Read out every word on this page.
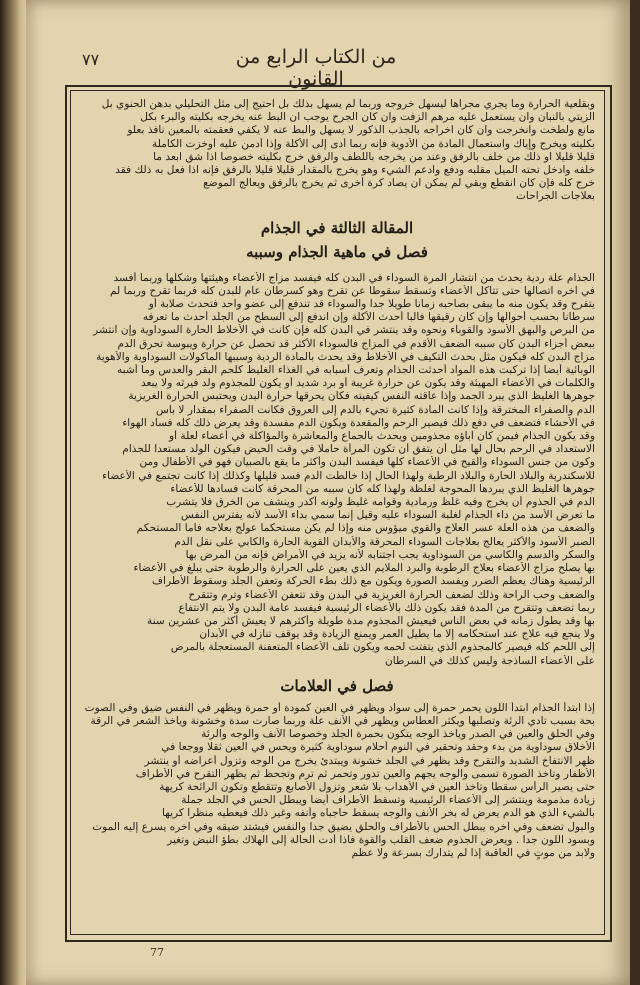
٧٧	من الكتاب الرابع من القانون
وبقلعية الحرارة وما يجري مجراها ليسهل خروجه وربما لم يسهل بذلك بل احتيج إلى مثل التحليلي بدهن الحنوي بل
الزيتي بالنبان وان يستعمل عليه مرهم الزفت وان كان الجرح يوجب ان البط عنه يخرجه بكليته والبرء بكل
مانع ولطخت وانخرجت وان كان اخراجه بالجذب الذكور لا يسهل والبط عنه لا يكفي فعقمته بالمعين نافذ بعلو
بكليته ويخرج وإياك واستعمال المادة من الأدوية فإنه ربما أدى إلى الأكلة وإذا أدمن عليه أوخزت الكاملة
قليلا قليلا او ذلك من خلف بالرفق وعند من يخرجه باللطف والرفق خرج بكليته خصوصا اذا شق ابعد ما
خلفه وادخل تحته الميل مقلبه ودفع وادعم الشيء وهو يخرج بالمقدار قليلا قليلا بالرفق فإنه اذا فعل به ذلك فقد
خرج كله فإن كان انقطع وبقي لم يمكن ان يصاد كرة أخرى ثم يخرج بالرفق ويعالج الموضع
بعلاجات الجراحات
المقالة الثالثة في الجذام
فصل في ماهية الجذام وسببه
الجذام علة ردية يحدث من انتشار المرة السوداء في البدن كله فيفسد مزاج الأعضاء وهيئتها وشكلها وربما أفسد
في آخره اتصالها حتى تتآكل الأعضاء وتسقط سقوطا عن تقرح وهو كسرطان عام للبدن كله فربما تقرح وربما لم
يتقرح وقد يكون منه ما يبقى بصاحبه زمانا طويلا جدا والسوداء قد تندفع إلى عضو واحد فتحدث صلابة أو
سرطانا بحسب أحوالها وإن كان رقيقها فالبا أحدث الأكلة وإن اندفع إلى السطح من الجلد أحدث ما تعرفه
من البرص والبهق الأسود والقوباء ونحوه وقد ينتشر في البدن كله فإن كانت في الأخلاط الحارة السوداوية وإن انتشر
ببعض أجزاء البدن كان سببه الضعف الأقدم في المزاج فالسوداء الأكثر قد تحصل عن حرارة ويبوسة تحرق الدم
مزاج البدن كله فيكون مثل بحدث التكيف في الأخلاط وقد يحدث بالمادة الردية وسببها المأكولات السوداوية والأهوية
الوبائية أيضا إذا تركبت هذه المواد أحدثت الجذام وتعرف أسبابه في الغذاء الغليظ كلحم البقر والعدس وما أشبه
والكلمات في الأعضاء المهيئة وقد يكون عن حرارة غريبة أو برد شديد أو يكون للمجذوم ولد فيرثه ولا يبعد
جوهرها الغليظ الذي يبرد الجمد وإذا عاقته النفس كيفيته فكان يحرقها حرارة البدن ويحتبس الحرارة الغريزية
الدم والصفراء المخترقة وإذا كانت المادة كثيرة تجيء بالدم إلى العروق فكانت الصفراء بمقدار لا بأس
في الأحشاء فتضعف في دفع ذلك فيصير الرحم والمقعدة ويكون الدم مفسدة وقد يعرض ذلك كله فساد الهواء
وقد يكون الجذام فيمن كان آباؤه مجذومين ويحدث بالجماع والمعاشرة والمؤاكلة في أعضاء لعلة أو
الاستعداد في الرحم بحال لها مثل أن يتفق أن تكون المرأة حاملا في وقت الحيض فيكون الولد مستعدا للجذام
وكون من جنس السوداء والقيح في الأعضاء كلها فيفسد البدن وأكثر ما يقع بالصبيان فهو في الأطفال ومن
للاسكندرية والبلاد الحارة والبلاد الرطبة ولهذا الحال إذا خالطت الدم فسد قليلها وكذلك إذا كانت تجتمع في الأعضاء
جوهرها الغليظ الذي يبردها المحوجة لغلظة ولهذا كله كان سببه من المحرقة كانت فسادها للأعضاء
الدم في الجذوم أن يخرج وفيه غلظ ورمادية وقوامه غليظ ولونه أكدر وينشف من الخرق فلا يتشرب
ما تعرض الأسد من داء الجذام لغلبة السوداء عليه وقيل إنما سمي بداء الأسد لأنه يفترس النفس
والضعف من هذه العلة عسر العلاج والقوي ميؤوس منه وإذا لم يكن مستحكما عولج بعلاجه فأما المستحكم
الصبر الأسود والأكثر يعالج بعلاجات السوداء المحرقة والأبدان القوية الحارة والكابي على نقل الدم
والسكر والدسم والكاسي من السوداوية يجب اجتنابه لأنه يزيد في الأمراض فإنه من المرض بها
بها يصلح مزاج الأعضاء بعلاج الرطوبة والبرد الملايم الذي يعين على الحرارة والرطوبة حتى يبلغ في الأعضاء
الرئيسية وهناك يعظم الضرر ويفسد الصورة ويكون مع ذلك بطء الحركة وتعفن الجلد وسقوط الأطراف
والضعف وحب الراحة وذلك لضعف الحرارة الغريزية في البدن وقد تتعفن الأعضاء وترم وتتقرح
ربما تضعف وتتقرح من المدة فقد يكون ذلك بالأعضاء الرئيسية فيفسد عامة البدن ولا يتم الانتفاع
بها وقد يطول زمانه في بعض الناس فيعيش المجذوم مدة طويلة وأكثرهم لا يعيش أكثر من عشرين سنة
ولا ينجع فيه علاج عند استحكامه إلا ما يطيل العمر ويمنع الزيادة وقد يوقف تنازله في الأبدان
إلى اللحم كله فيصير كالمجذوم الذي يتفتت لحمه ويكون تلف الأعضاء المتعفنة المستعجلة بالمرض
على الأعضاء الساذجة وليس كذلك في السرطان
فصل في العلامات
إذا ابتدأ الجذام ابتدأ اللون يحمر حمرة إلى سواد ويظهر في العين كمودة أو حمرة ويظهر في النفس ضيق وفي الصوت
بحة بسبب تأدي الرئة وتصلبها ويكثر العطاس ويظهر في الأنف علة وربما صارت سدة وخشونة ويأخذ الشعر في الرقة
وفي الحلق والعين في الصدر ويأخذ الوجه يتكون بحمرة الجلد وخصوصا الأنف والوجه والرئة
الأخلاق سوداوية من بدء وحقد وتحقير في النوم أحلام سوداوية كثيرة ويحس في العين ثقلا ووجعا في
ظهر الانتفاخ الشديد والتقرح وقد يظهر في الجلد خشونة ويبتدئ يخرج من الوجه وتزول أعراضه أو ينتشر
الأظفار وتأخذ الصورة تسمى والوجه يجهم والعين تدور وتحمر ثم ترم وتجحظ ثم يظهر التقرح في الأطراف
حتى يصير الرأس سقطا وتأخذ العين في الأهداب بلا شعر وتزول الأصابع وتتقطع وتكون الرائحة كريهة
زيادة مذمومة وينتشر إلى الأعضاء الرئيسية وتسقط الأطراف أيضا ويبطل الحس في الجلد جملة
بالشيء الذي هو الدم يعرض له بخر الأنف والوجه يسقط حاجباه وأنفه وغير ذلك فيعطيه منظرا كريها
والبول تضعف وفي آخره يبطل الحس بالأطراف والحلق يضيق جدا والنفس فيشتد ضيقه وفي آخره يسرع إليه الموت
وبسود اللون جدا . ويعرض الجذوم ضعف القلب والقوة فاذا أدت الحالة إلى الهلاك بطؤ النبض وتغير
ولابد من موتٍ في العاقبة إذا لم يتدارك بسرعة ولا عظم
77
